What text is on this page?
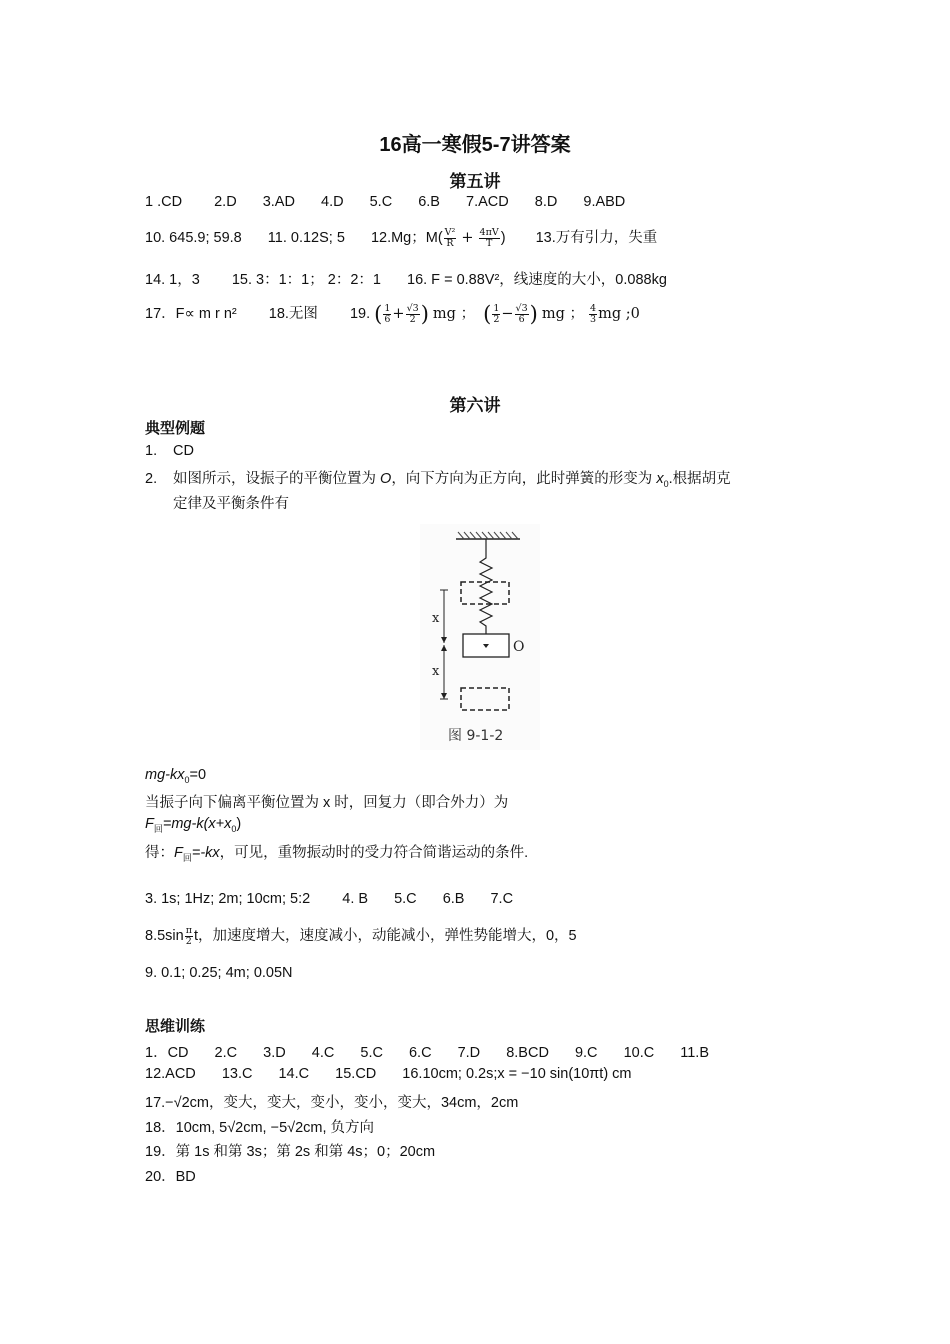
16高一寒假5-7讲答案
第五讲
1 .CD 2.D 3.AD 4.D 5.C 6.B 7.ACD 8.D 9.ABD
10. 645.9; 59.8 11. 0.12S; 5 12.Mg；$M( \frac{\text{V²}}{R} + \frac{4\pi V}{T}$ ) 13.万有引力，失重
14. 1，3 15. 3：1：1； 2：2：1 16. F = 0.88V²，线速度的大小，0.088kg
17．F∝ m r n² 18.无图 19. ( $\frac{1}{6} + \frac{√3}{2}$ ) mg ； ( $\frac{1}{2} - \frac{√3}{6}$ ) mg ； $\frac{4}{3}$ mg ;0
第六讲
典型例题
1. CD
2. 如图所示，设振子的平衡位置为 O，向下方向为正方向，此时弹簧的形变为 $x_0$.根据胡克
定律及平衡条件有
O
x
x
图 9-1-2
$mg-kx_0=0$
当振子向下偏离平衡位置为 x 时，回复力（即合外力）为
$F_回=mg-k(x+x_0)$
得：$F_回=-kx$，可见，重物振动时的受力符合简谐运动的条件.
3. 1s; 1Hz; 2m; 10cm; 5:2 4. B 5.C 6.B 7.C
$8.5\sin \frac{\pi}{2}$ t，加速度增大，速度减小，动能减小，弹性势能增大，0，5
9. 0.1; 0.25; 4m; 0.05N
思维训练
1．CD 2.C 3.D 4.C 5.C 6.C 7.D 8.BCD 9.C 10.C 11.B
12.ACD 13.C 14.C 15.CD 16.10cm; 0.2s;x = −10 sin(10πt) cm
17.−√2cm，变大，变大，变小，变小，变大，34cm，2cm
18．10cm, 5√2cm, −5√2cm, 负方向
19．第 1s 和第 3s；第 2s 和第 4s；0；20cm
20．BD
